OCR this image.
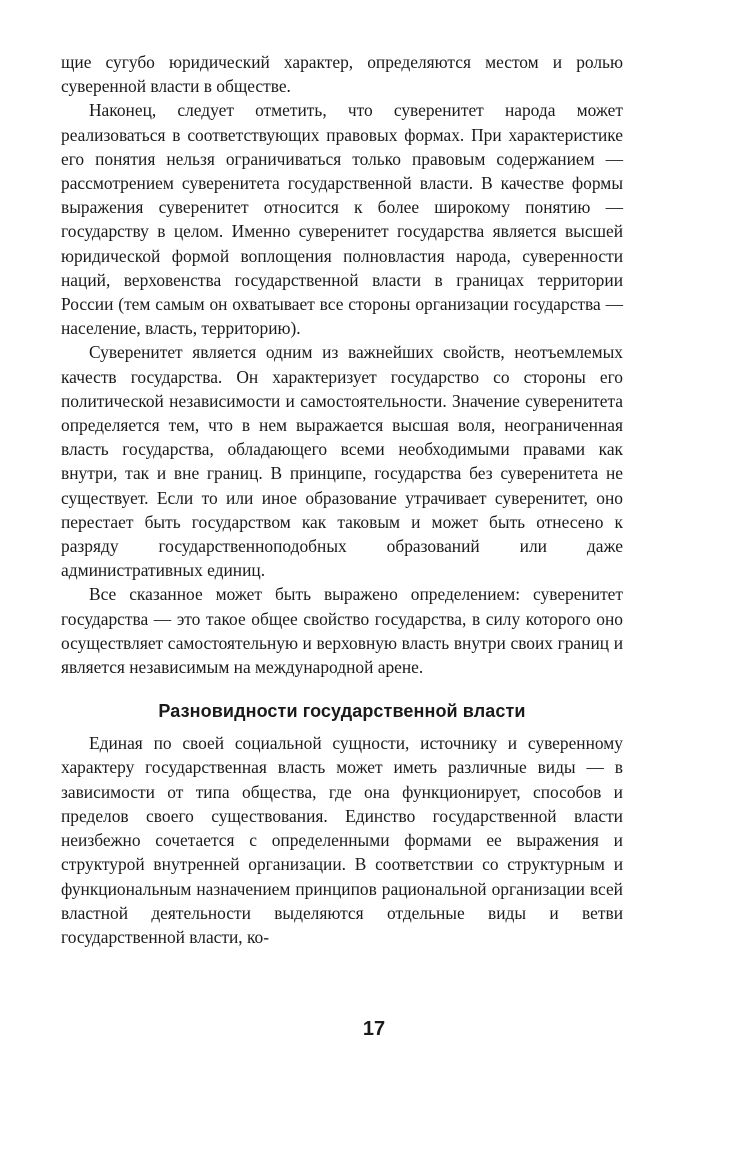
щие сугубо юридический характер, определяются местом и ролью суверенной власти в обществе.

Наконец, следует отметить, что суверенитет народа может реализоваться в соответствующих правовых формах. При характеристике его понятия нельзя ограничиваться только правовым содержанием — рассмотрением суверенитета государственной власти. В качестве формы выражения суверенитет относится к более широкому понятию — государству в целом. Именно суверенитет государства является высшей юридической формой воплощения полновластия народа, суверенности наций, верховенства государственной власти в границах территории России (тем самым он охватывает все стороны организации государства — население, власть, территорию).

Суверенитет является одним из важнейших свойств, неотъемлемых качеств государства. Он характеризует государство со стороны его политической независимости и самостоятельности. Значение суверенитета определяется тем, что в нем выражается высшая воля, неограниченная власть государства, обладающего всеми необходимыми правами как внутри, так и вне границ. В принципе, государства без суверенитета не существует. Если то или иное образование утрачивает суверенитет, оно перестает быть государством как таковым и может быть отнесено к разряду государственноподобных образований или даже административных единиц.

Все сказанное может быть выражено определением: суверенитет государства — это такое общее свойство государства, в силу которого оно осуществляет самостоятельную и верховную власть внутри своих границ и является независимым на международной арене.

Разновидности государственной власти

Единая по своей социальной сущности, источнику и суверенному характеру государственная власть может иметь различные виды — в зависимости от типа общества, где она функционирует, способов и пределов своего существования. Единство государственной власти неизбежно сочетается с определенными формами ее выражения и структурой внутренней организации. В соответствии со структурным и функциональным назначением принципов рациональной организации всей властной деятельности выделяются отдельные виды и ветви государственной власти, ко-

17
